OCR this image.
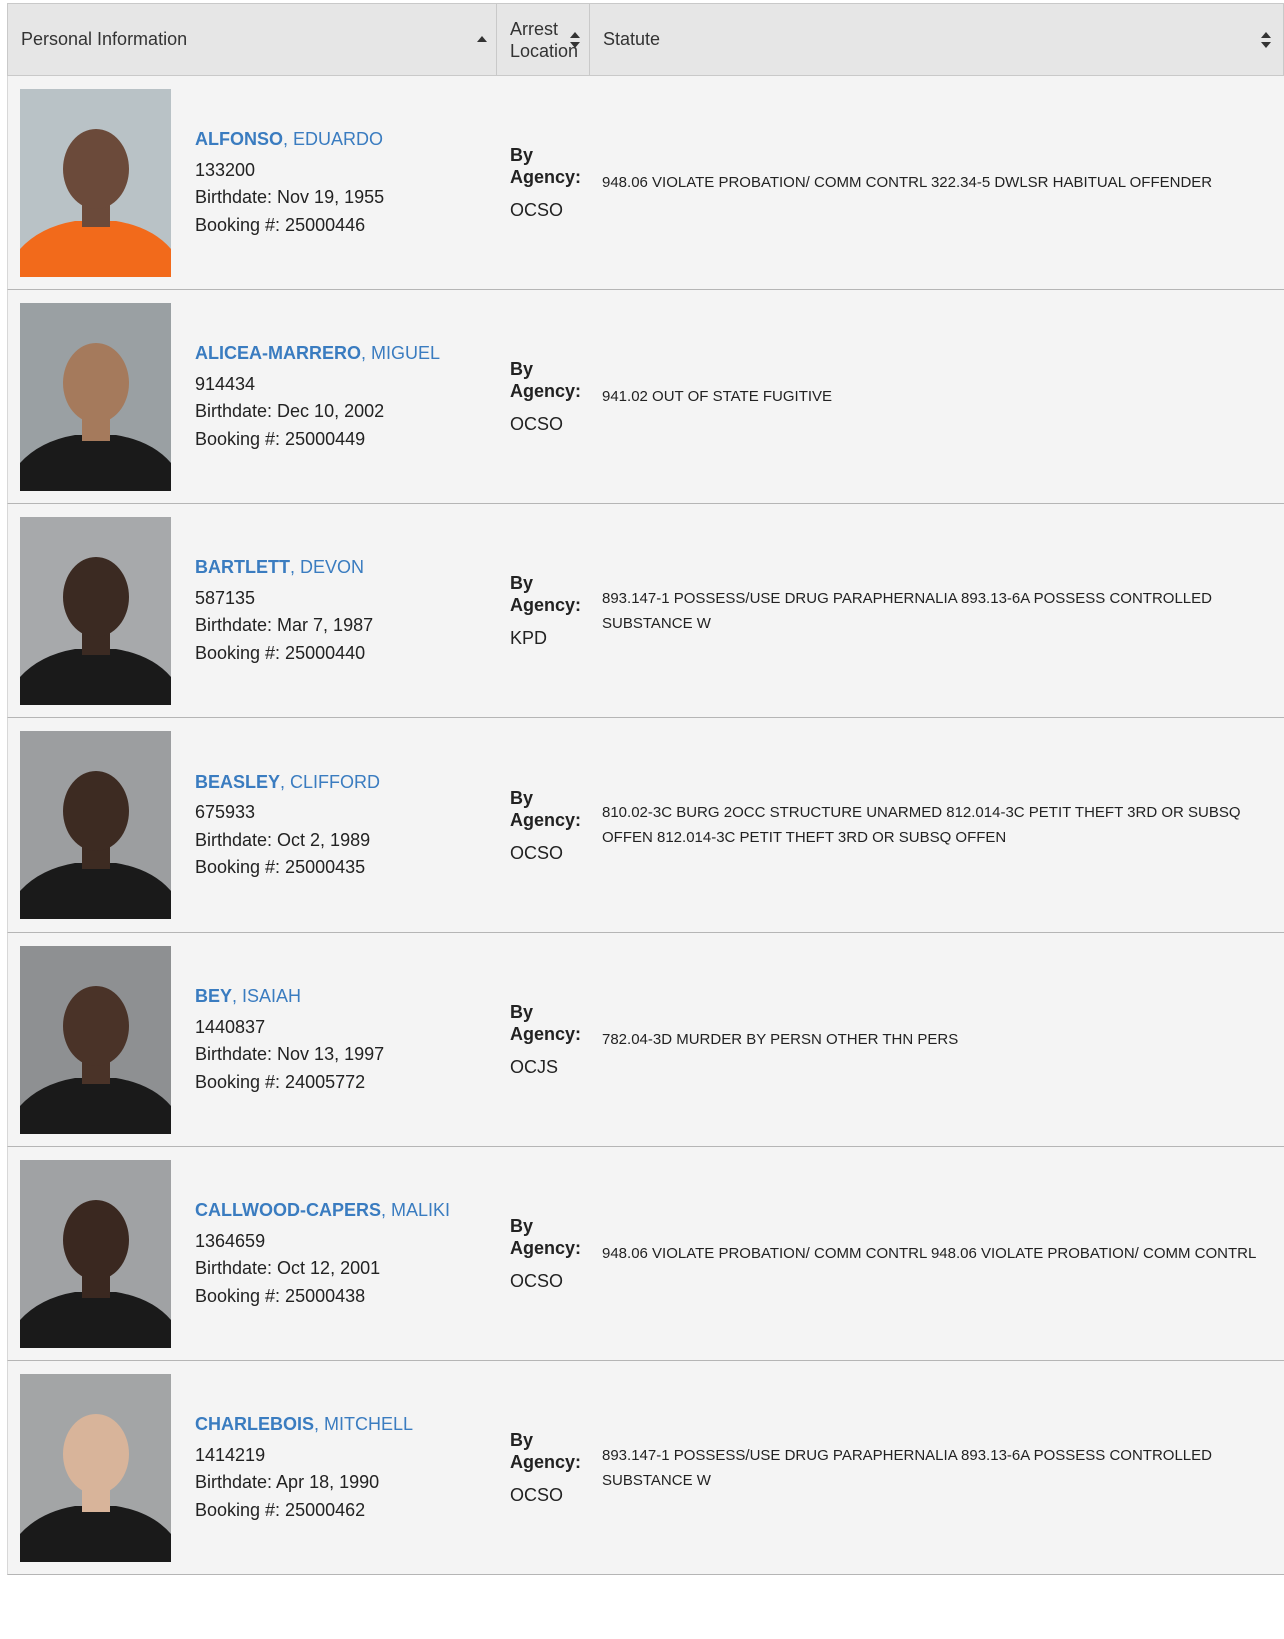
Personal Information
Arrest Location
Statute
ALFONSO, EDUARDO
133200
Birthdate: Nov 19, 1955
Booking #: 25000446
By Agency:
OCSO
948.06 VIOLATE PROBATION/ COMM CONTRL 322.34-5 DWLSR HABITUAL OFFENDER
ALICEA-MARRERO, MIGUEL
914434
Birthdate: Dec 10, 2002
Booking #: 25000449
By Agency:
OCSO
941.02 OUT OF STATE FUGITIVE
BARTLETT, DEVON
587135
Birthdate: Mar 7, 1987
Booking #: 25000440
By Agency:
KPD
893.147-1 POSSESS/USE DRUG PARAPHERNALIA 893.13-6A POSSESS CONTROLLED SUBSTANCE W
BEASLEY, CLIFFORD
675933
Birthdate: Oct 2, 1989
Booking #: 25000435
By Agency:
OCSO
810.02-3C BURG 2OCC STRUCTURE UNARMED 812.014-3C PETIT THEFT 3RD OR SUBSQ OFFEN 812.014-3C PETIT THEFT 3RD OR SUBSQ OFFEN
BEY, ISAIAH
1440837
Birthdate: Nov 13, 1997
Booking #: 24005772
By Agency:
OCJS
782.04-3D MURDER BY PERSN OTHER THN PERS
CALLWOOD-CAPERS, MALIKI
1364659
Birthdate: Oct 12, 2001
Booking #: 25000438
By Agency:
OCSO
948.06 VIOLATE PROBATION/ COMM CONTRL 948.06 VIOLATE PROBATION/ COMM CONTRL
CHARLEBOIS, MITCHELL
1414219
Birthdate: Apr 18, 1990
Booking #: 25000462
By Agency:
OCSO
893.147-1 POSSESS/USE DRUG PARAPHERNALIA 893.13-6A POSSESS CONTROLLED SUBSTANCE W
